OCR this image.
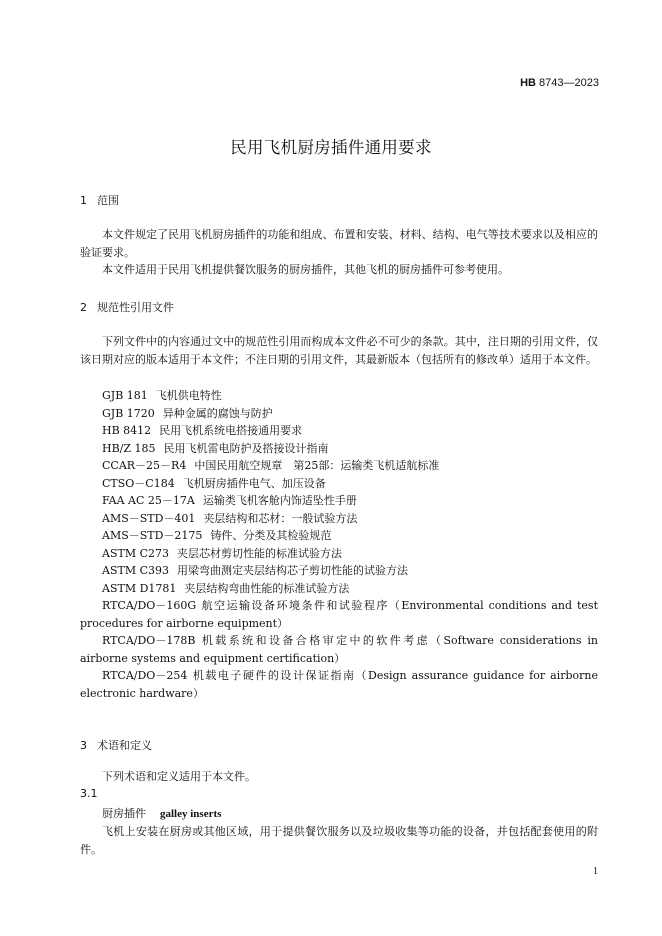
HB 8743—2023
民用飞机厨房插件通用要求
1 范围

本文件规定了民用飞机厨房插件的功能和组成、布置和安装、材料、结构、电气等技术要求以及相应的验证要求。

本文件适用于民用飞机提供餐饮服务的厨房插件，其他飞机的厨房插件可参考使用。

2 规范性引用文件

下列文件中的内容通过文中的规范性引用而构成本文件必不可少的条款。其中，注日期的引用文件，仅该日期对应的版本适用于本文件；不注日期的引用文件，其最新版本（包括所有的修改单）适用于本文件。

GJB 181 飞机供电特性
GJB 1720 异种金属的腐蚀与防护
HB 8412 民用飞机系统电搭接通用要求
HB/Z 185 民用飞机雷电防护及搭接设计指南
CCAR－25－R4 中国民用航空规章　第25部：运输类飞机适航标准
CTSO－C184 飞机厨房插件电气、加压设备
FAA AC 25－17A 运输类飞机客舱内饰适坠性手册
AMS－STD－401 夹层结构和芯材：一般试验方法
AMS－STD－2175 铸件、分类及其检验规范
ASTM C273 夹层芯材剪切性能的标准试验方法
ASTM C393 用梁弯曲测定夹层结构芯子剪切性能的试验方法
ASTM D1781 夹层结构弯曲性能的标准试验方法
RTCA/DO－160G 航空运输设备环境条件和试验程序（Environmental conditions and test procedures for airborne equipment）
RTCA/DO－178B 机载系统和设备合格审定中的软件考虑（Software considerations in airborne systems and equipment certification）
RTCA/DO－254 机载电子硬件的设计保证指南（Design assurance guidance for airborne electronic hardware）
3 术语和定义

下列术语和定义适用于本文件。

3.1

厨房插件 galley inserts

飞机上安装在厨房或其他区域，用于提供餐饮服务以及垃圾收集等功能的设备，并包括配套使用的附件。

1
